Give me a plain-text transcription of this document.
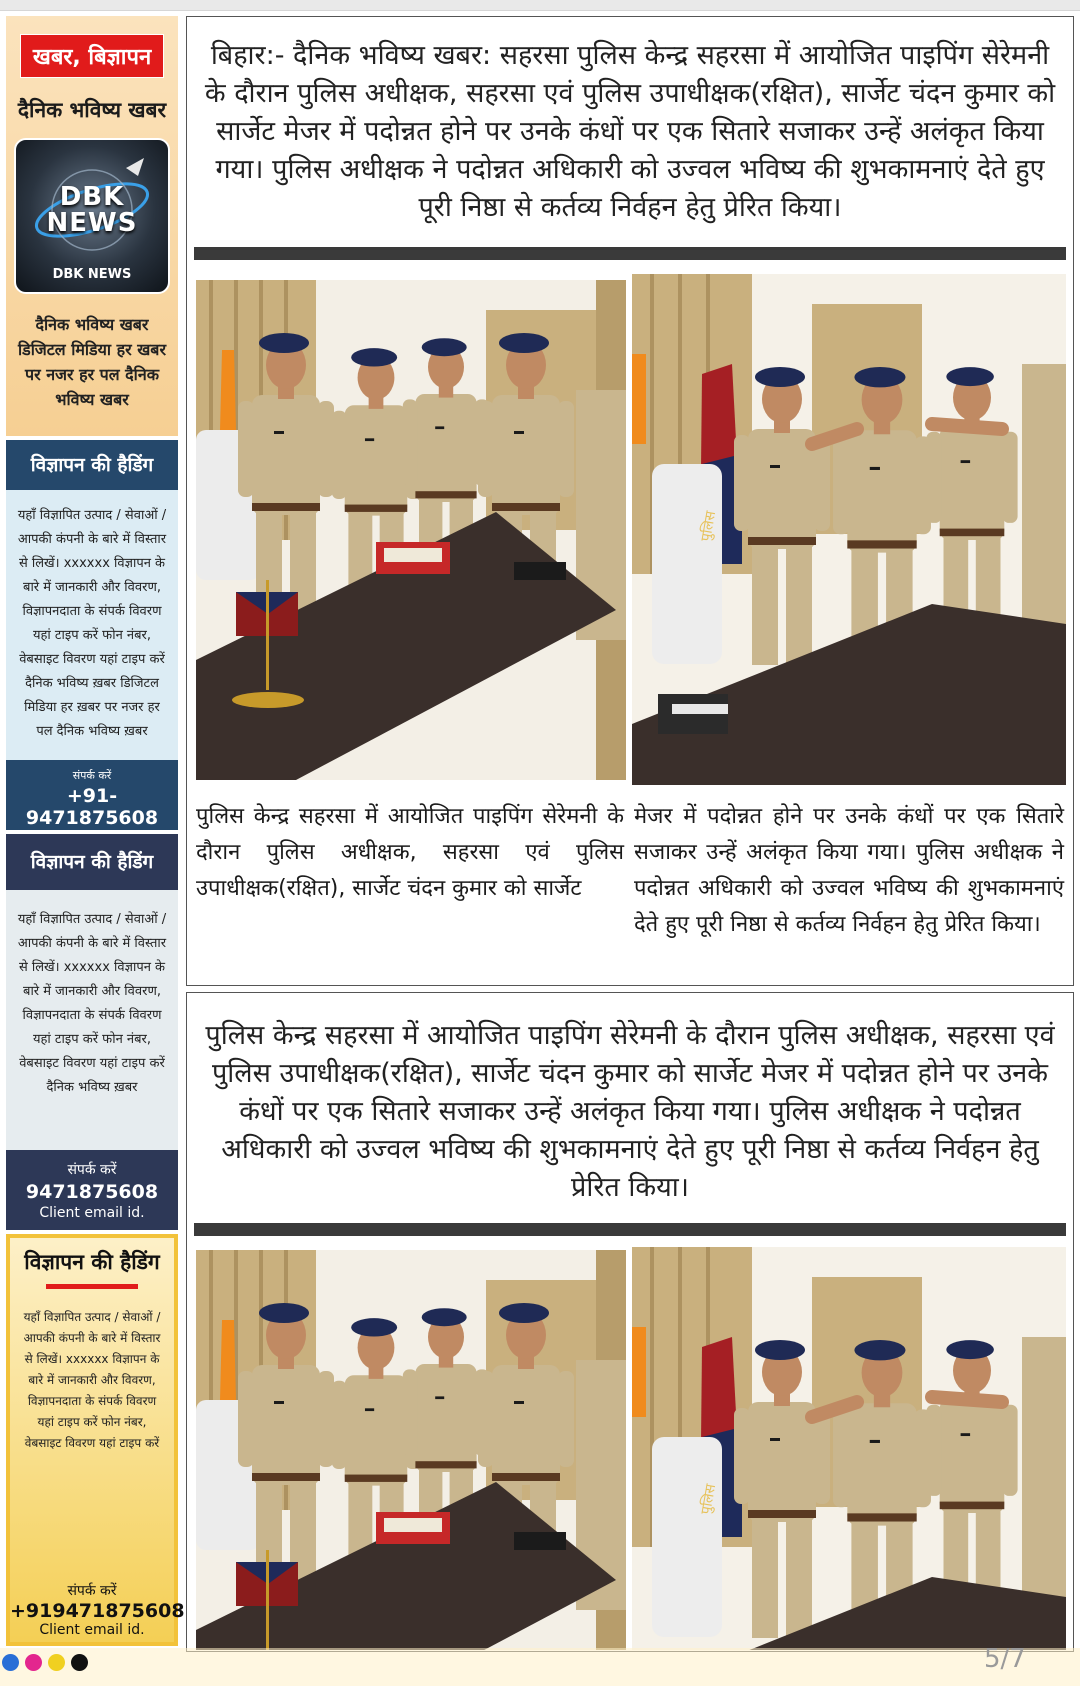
खबर, बिज्ञापन
दैनिक भविष्य खबर
DBK
NEWS
DBK NEWS
दैनिक भविष्य खबर डिजिटल मिडिया हर खबर पर नजर हर पल दैनिक भविष्य खबर
विज्ञापन की हैडिंग
यहाँ विज्ञापित उत्पाद / सेवाओं / आपकी कंपनी के बारे में विस्तार से लिखें। xxxxxx विज्ञापन के बारे में जानकारी और विवरण, विज्ञापनदाता के संपर्क विवरण यहां टाइप करें फोन नंबर, वेबसाइट विवरण यहां टाइप करें दैनिक भविष्य ख़बर डिजिटल मिडिया हर ख़बर पर नजर हर पल दैनिक भविष्य ख़बर
संपर्क करें
+91-9471875608
विज्ञापन की हैडिंग
यहाँ विज्ञापित उत्पाद / सेवाओं / आपकी कंपनी के बारे में विस्तार से लिखें। xxxxxx विज्ञापन के बारे में जानकारी और विवरण, विज्ञापनदाता के संपर्क विवरण यहां टाइप करें फोन नंबर, वेबसाइट विवरण यहां टाइप करें दैनिक भविष्य ख़बर
संपर्क करें
9471875608
Client email id.
विज्ञापन की हैडिंग
यहाँ विज्ञापित उत्पाद / सेवाओं / आपकी कंपनी के बारे में विस्तार से लिखें। xxxxxx विज्ञापन के बारे में जानकारी और विवरण, विज्ञापनदाता के संपर्क विवरण यहां टाइप करें फोन नंबर, वेबसाइट विवरण यहां टाइप करें
संपर्क करें
+919471875608
Client email id.

बिहार:- दैनिक भविष्य खबर: सहरसा पुलिस केन्द्र सहरसा में आयोजित पाइपिंग सेरेमनी के दौरान पुलिस अधीक्षक, सहरसा एवं पुलिस उपाधीक्षक(रक्षित), सार्जेट चंदन कुमार को सार्जेट मेजर में पदोन्नत होने पर उनके कंधों पर एक सितारे सजाकर उन्हें अलंकृत किया गया। पुलिस अधीक्षक ने पदोन्नत अधिकारी को उज्वल भविष्य की शुभकामनाएं देते हुए पूरी निष्ठा से कर्तव्य निर्वहन हेतु प्रेरित किया।

पुलिस

पुलिस केन्द्र सहरसा में आयोजित पाइपिंग सेरेमनी के दौरान पुलिस अधीक्षक, सहरसा एवं पुलिस उपाधीक्षक(रक्षित), सार्जेट चंदन कुमार को सार्जेट

मेजर में पदोन्नत होने पर उनके कंधों पर एक सितारे सजाकर उन्हें अलंकृत किया गया। पुलिस अधीक्षक ने पदोन्नत अधिकारी को उज्वल भविष्य की शुभकामनाएं देते हुए पूरी निष्ठा से कर्तव्य निर्वहन हेतु प्रेरित किया।

पुलिस केन्द्र सहरसा में आयोजित पाइपिंग सेरेमनी के दौरान पुलिस अधीक्षक, सहरसा एवं पुलिस उपाधीक्षक(रक्षित), सार्जेट चंदन कुमार को सार्जेट मेजर में पदोन्नत होने पर उनके कंधों पर एक सितारे सजाकर उन्हें अलंकृत किया गया। पुलिस अधीक्षक ने पदोन्नत अधिकारी को उज्वल भविष्य की शुभकामनाएं देते हुए पूरी निष्ठा से कर्तव्य निर्वहन हेतु प्रेरित किया।

पुलिस
5/7
